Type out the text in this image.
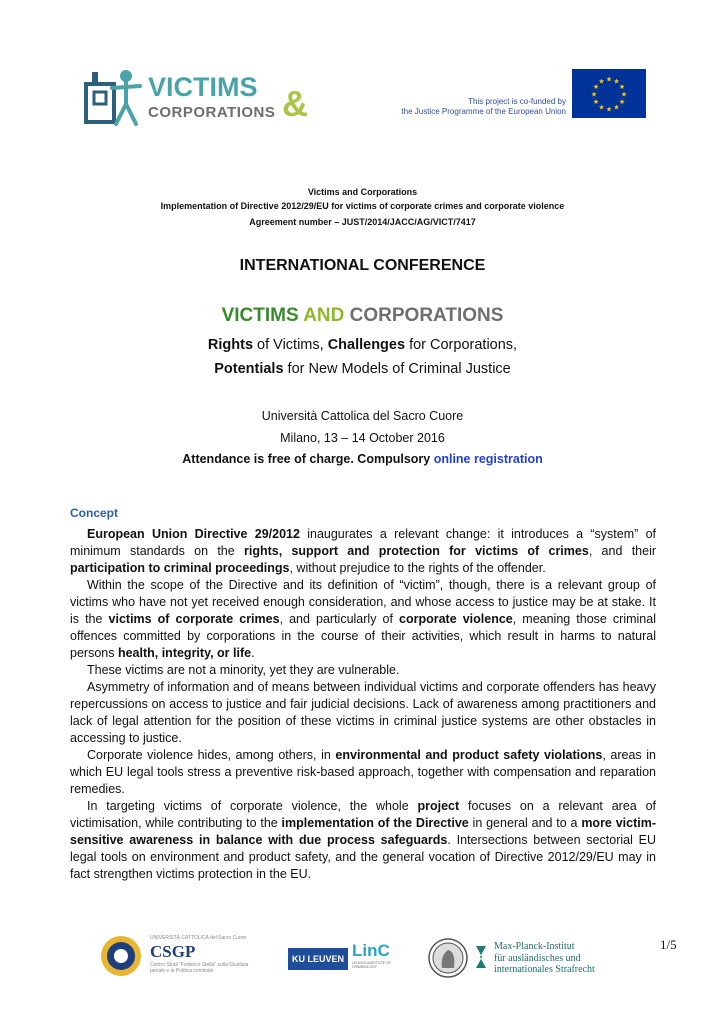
VICTIMS
CORPORATIONS &	This project is co-funded by
the Justice Programme of the European Union
★ ★
★
★
★
★
★
★
★
★
★
★
Victims and Corporations
Implementation of Directive 2012/29/EU for victims of corporate crimes and corporate violence
Agreement number – JUST/2014/JACC/AG/VICT/7417
INTERNATIONAL CONFERENCE
VICTIMS AND CORPORATIONS
Rights of Victims, Challenges for Corporations,
Potentials for New Models of Criminal Justice
Università Cattolica del Sacro Cuore
Milano, 13 – 14 October 2016
Attendance is free of charge. Compulsory online registration
Concept

European Union Directive 29/2012 inaugurates a relevant change: it introduces a “system” of minimum standards on the rights, support and protection for victims of crimes, and their participation to criminal proceedings, without prejudice to the rights of the offender.

Within the scope of the Directive and its definition of “victim”, though, there is a relevant group of victims who have not yet received enough consideration, and whose access to justice may be at stake. It is the victims of corporate crimes, and particularly of corporate violence, meaning those criminal offences committed by corporations in the course of their activities, which result in harms to natural persons health, integrity, or life.

These victims are not a minority, yet they are vulnerable.

Asymmetry of information and of means between individual victims and corporate offenders has heavy repercussions on access to justice and fair judicial decisions. Lack of awareness among practitioners and lack of legal attention for the position of these victims in criminal justice systems are other obstacles in accessing to justice.

Corporate violence hides, among others, in environmental and product safety violations, areas in which EU legal tools stress a preventive risk-based approach, together with compensation and reparation remedies.

In targeting victims of corporate violence, the whole project focuses on a relevant area of victimisation, while contributing to the implementation of the Directive in general and to a more victim-sensitive awareness in balance with due process safeguards. Intersections between sectorial EU legal tools on environment and product safety, and the general vocation of Directive 2012/29/EU may in fact strengthen victims protection in the EU.

UNIVERSITÀ CATTOLICA del Sacro Cuore
CSGP
Centro Studi "Federico Stella" sulla Giustizia penale e la Politica criminale
KU LEUVEN LinC
LEUVEN INSTITUTE OF CRIMINOLOGY
Max-Planck-Institut
für ausländisches und
internationales Strafrecht
1/5
